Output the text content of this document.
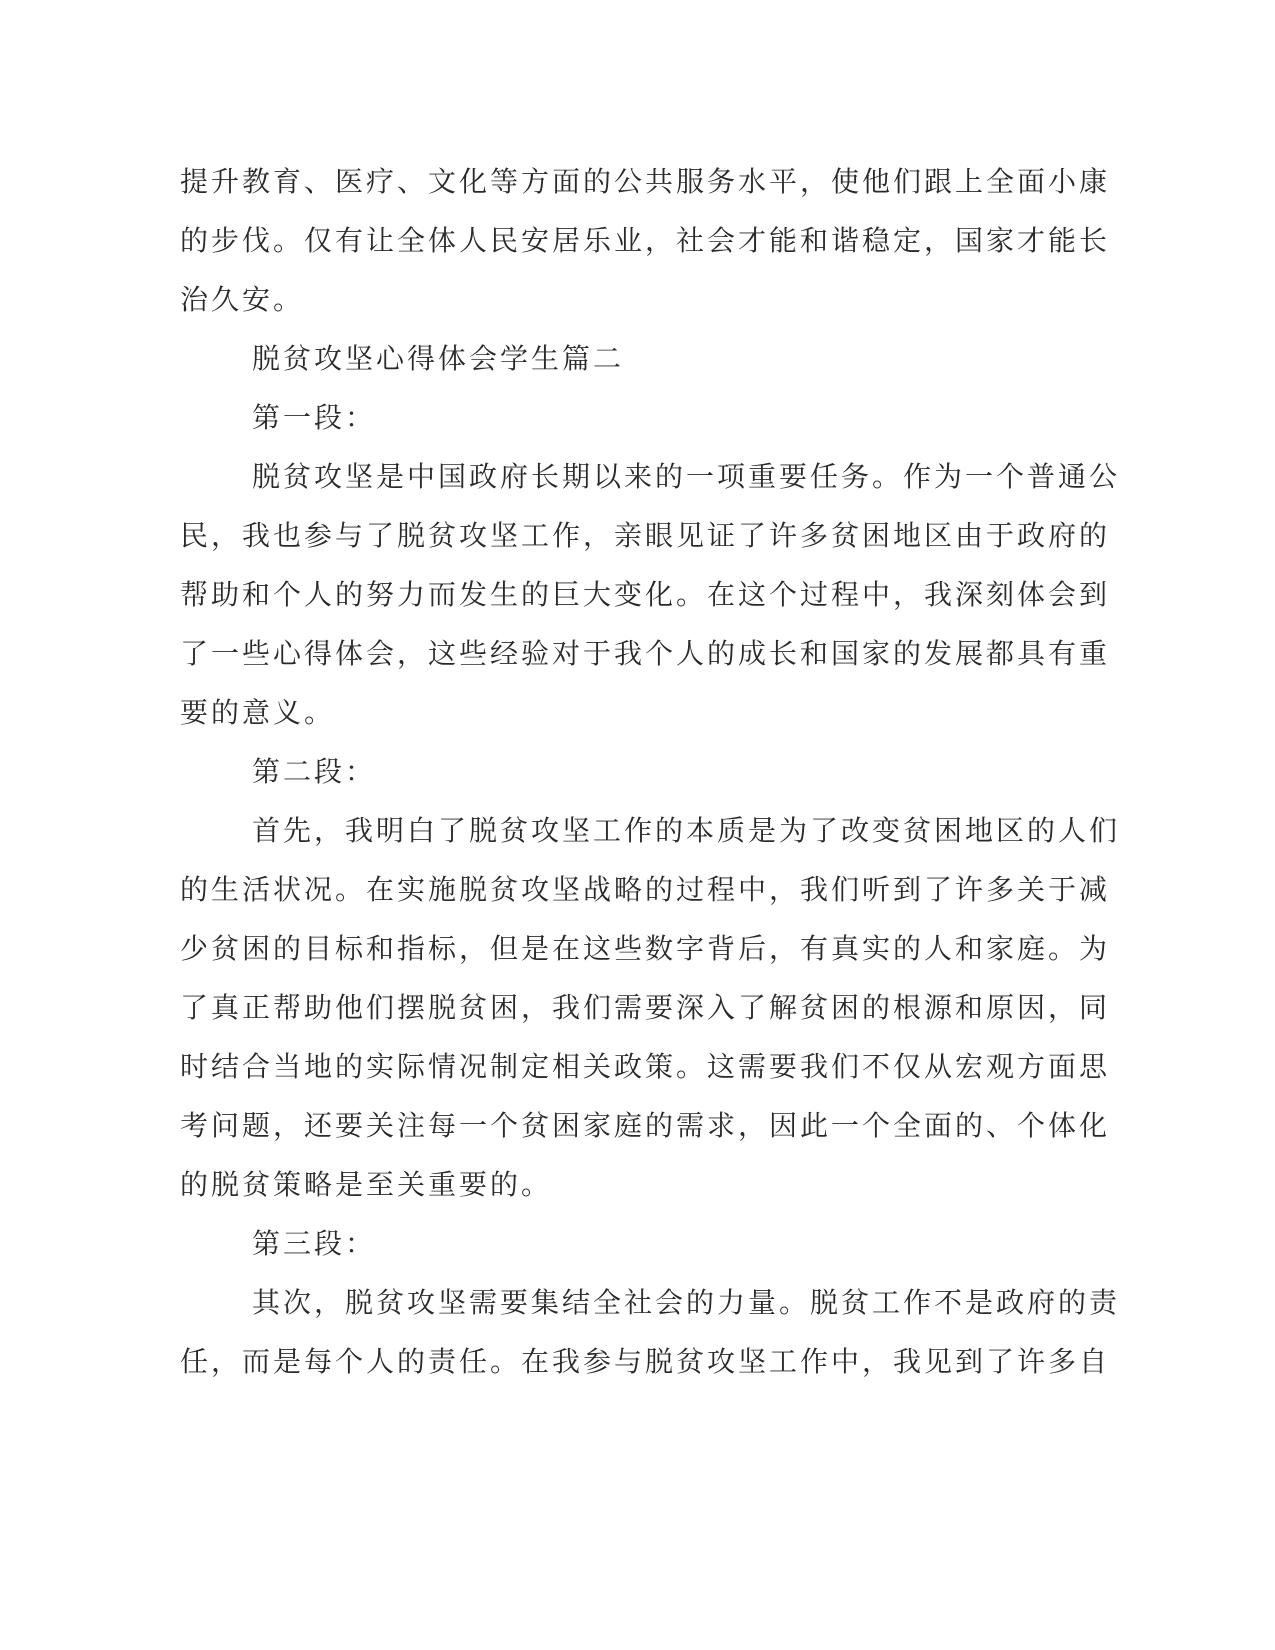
提升教育、医疗、文化等方面的公共服务水平，使他们跟上全面小康
的步伐。仅有让全体人民安居乐业，社会才能和谐稳定，国家才能长
治久安。
脱贫攻坚心得体会学生篇二
第一段：
脱贫攻坚是中国政府长期以来的一项重要任务。作为一个普通公
民，我也参与了脱贫攻坚工作，亲眼见证了许多贫困地区由于政府的
帮助和个人的努力而发生的巨大变化。在这个过程中，我深刻体会到
了一些心得体会，这些经验对于我个人的成长和国家的发展都具有重
要的意义。
第二段：
首先，我明白了脱贫攻坚工作的本质是为了改变贫困地区的人们
的生活状况。在实施脱贫攻坚战略的过程中，我们听到了许多关于减
少贫困的目标和指标，但是在这些数字背后，有真实的人和家庭。为
了真正帮助他们摆脱贫困，我们需要深入了解贫困的根源和原因，同
时结合当地的实际情况制定相关政策。这需要我们不仅从宏观方面思
考问题，还要关注每一个贫困家庭的需求，因此一个全面的、个体化
的脱贫策略是至关重要的。
第三段：
其次，脱贫攻坚需要集结全社会的力量。脱贫工作不是政府的责
任，而是每个人的责任。在我参与脱贫攻坚工作中，我见到了许多自
